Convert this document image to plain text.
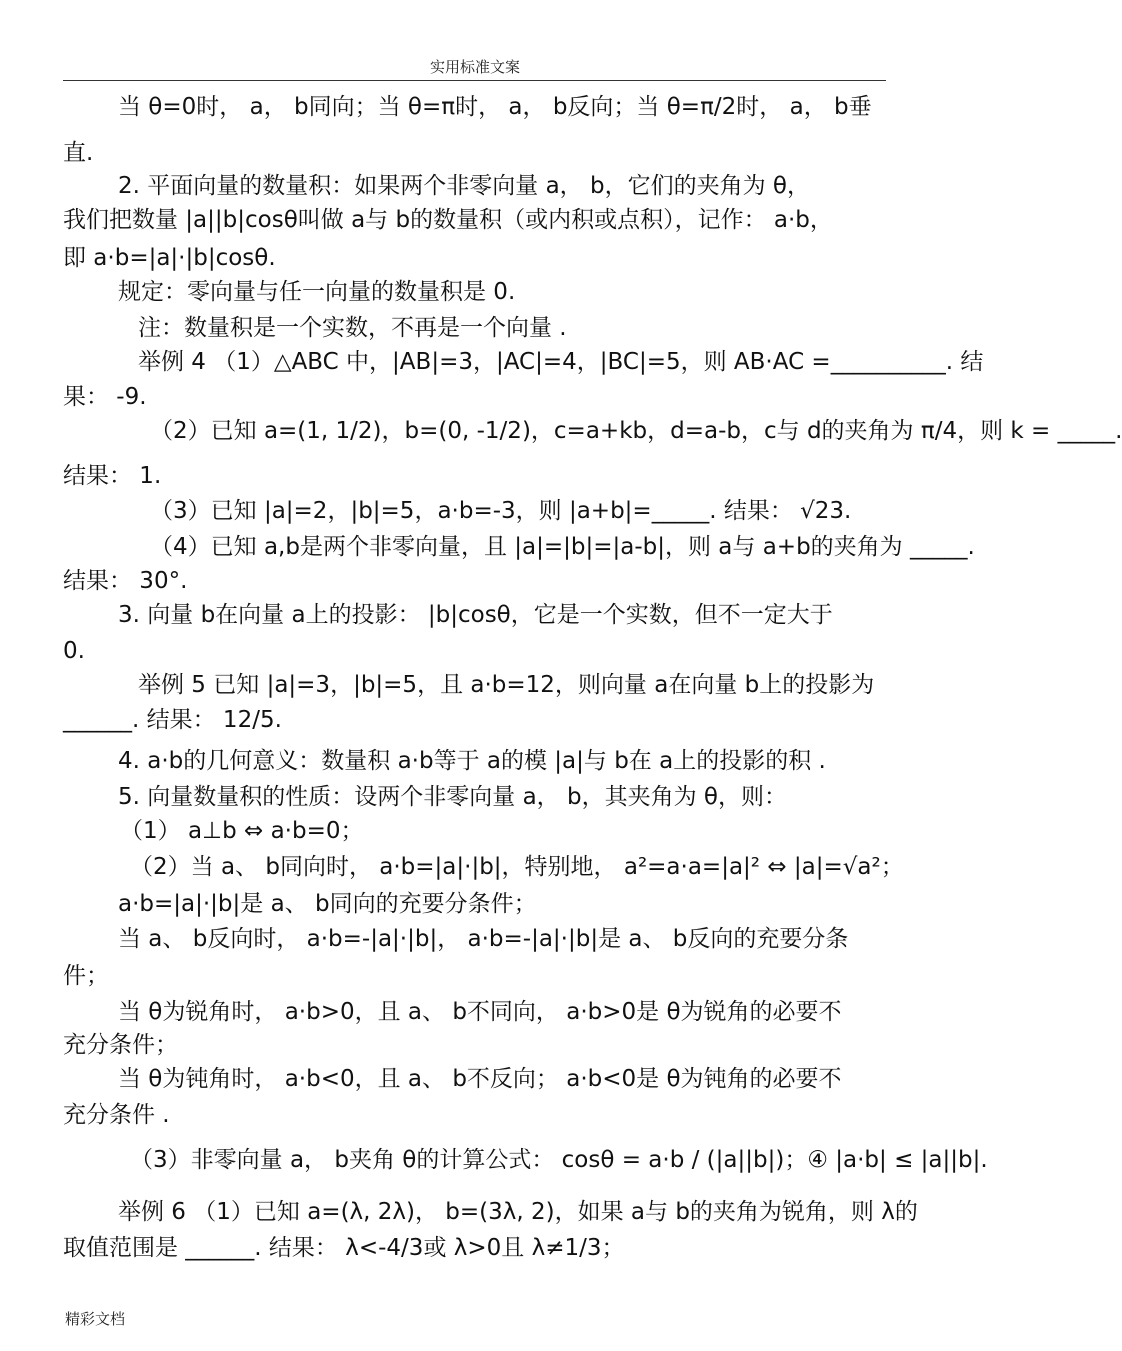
实用标准文案
当 θ=0时， a， b同向；当 θ=π时， a， b反向；当 θ=π/2时， a， b垂
直.
2. 平面向量的数量积：如果两个非零向量 a， b，它们的夹角为 θ，
我们把数量 |a||b|cosθ叫做 a与 b的数量积（或内积或点积），记作： a·b，
即 a·b=|a|·|b|cosθ.
规定：零向量与任一向量的数量积是 0.
注：数量积是一个实数，不再是一个向量 .
举例 4 （1）△ABC 中，|AB|=3，|AC|=4，|BC|=5，则 AB·AC =__________. 结
果： -9.
（2）已知 a=(1, 1/2)，b=(0, -1/2)，c=a+kb，d=a-b，c与 d的夹角为 π/4，则 k = _____.
结果： 1.
（3）已知 |a|=2，|b|=5，a·b=-3，则 |a+b|=_____. 结果： √23.
（4）已知 a,b是两个非零向量，且 |a|=|b|=|a-b|，则 a与 a+b的夹角为 _____.
结果： 30°.
3. 向量 b在向量 a上的投影： |b|cosθ，它是一个实数，但不一定大于
0.
举例 5 已知 |a|=3，|b|=5，且 a·b=12，则向量 a在向量 b上的投影为
______. 结果： 12/5.
4. a·b的几何意义：数量积 a·b等于 a的模 |a|与 b在 a上的投影的积 .
5. 向量数量积的性质：设两个非零向量 a， b，其夹角为 θ，则：
（1） a⊥b ⇔ a·b=0；
（2）当 a、 b同向时， a·b=|a|·|b|，特别地， a²=a·a=|a|² ⇔ |a|=√a²；
a·b=|a|·|b|是 a、 b同向的充要分条件；
当 a、 b反向时， a·b=-|a|·|b|， a·b=-|a|·|b|是 a、 b反向的充要分条
件；
当 θ为锐角时， a·b>0，且 a、 b不同向， a·b>0是 θ为锐角的必要不
充分条件；
当 θ为钝角时， a·b<0，且 a、 b不反向； a·b<0是 θ为钝角的必要不
充分条件 .
（3）非零向量 a， b夹角 θ的计算公式： cosθ = a·b / (|a||b|)；④ |a·b| ≤ |a||b|.
举例 6 （1）已知 a=(λ, 2λ)， b=(3λ, 2)，如果 a与 b的夹角为锐角，则 λ的
取值范围是 ______. 结果： λ<-4/3或 λ>0且 λ≠1/3；
精彩文档
